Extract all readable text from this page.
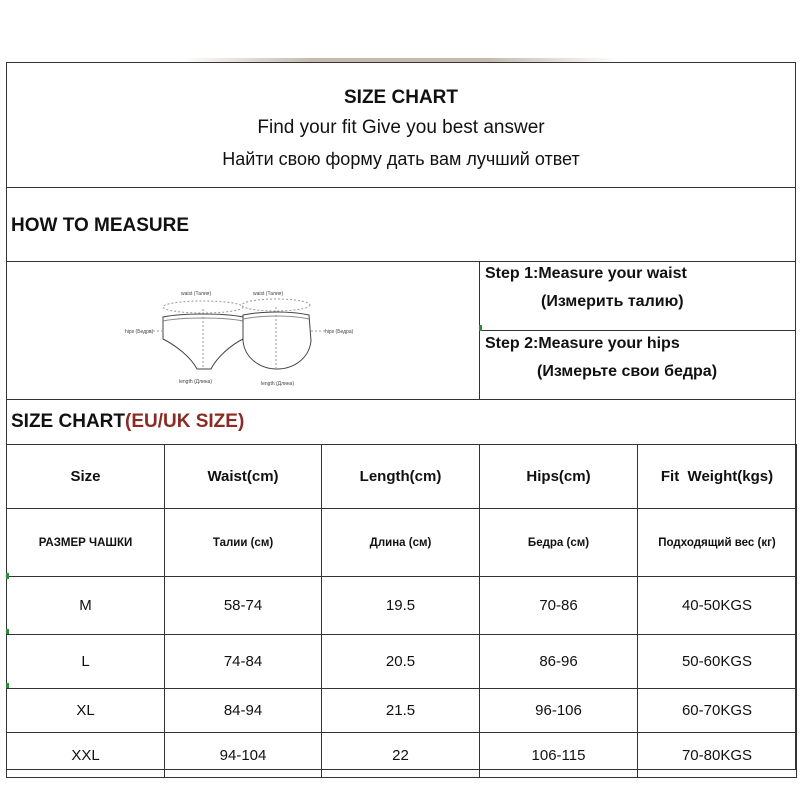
SIZE CHART
Find your fit Give you best answer
Найти свою форму дать вам лучший ответ
HOW TO MEASURE
waist (Талия)	waist (Талия)
hips (Бедра)	hips (Бедра)
length (Длина)	length (Длина)
Step 1:Measure your waist
(Измерить талию)
Step 2:Measure your hips
(Измерьте свои бедра)
SIZE CHART(EU/UK SIZE)
Size	Waist(cm)	Length(cm)	Hips(cm)	Fit  Weight(kgs)
РАЗМЕР ЧАШКИ	Талии (см)	Длина (см)	Бедра (см)	Подходящий вес (кг)
M	58-74	19.5	70-86	40-50KGS
L	74-84	20.5	86-96	50-60KGS
XL	84-94	21.5	96-106	60-70KGS
XXL	94-104	22	106-115	70-80KGS
